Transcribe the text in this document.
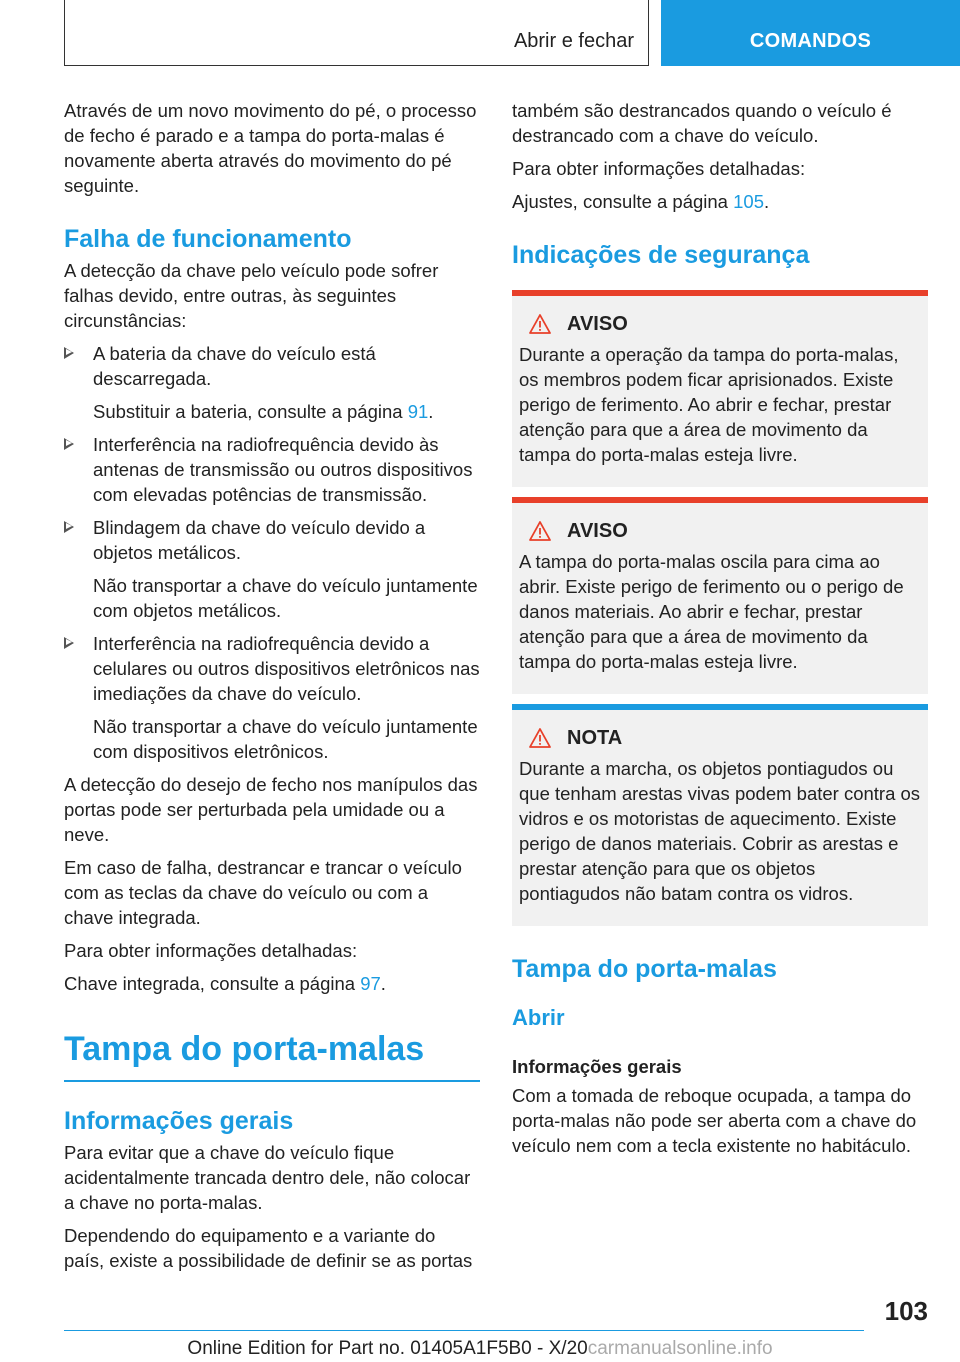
Abrir e fechar	COMANDOS

Através de um novo movimento do pé, o processo de fecho é parado e a tampa do porta-malas é novamente aberta através do movimento do pé seguinte.

Falha de funcionamento

A detecção da chave pelo veículo pode sofrer falhas devido, entre outras, às seguintes circunstâncias:

A bateria da chave do veículo está descarregada.

Substituir a bateria, consulte a página 91.

Interferência na radiofrequência devido às antenas de transmissão ou outros dispositivos com elevadas potências de transmissão.

Blindagem da chave do veículo devido a objetos metálicos.

Não transportar a chave do veículo juntamente com objetos metálicos.

Interferência na radiofrequência devido a celulares ou outros dispositivos eletrônicos nas imediações da chave do veículo.

Não transportar a chave do veículo juntamente com dispositivos eletrônicos.

A detecção do desejo de fecho nos manípulos das portas pode ser perturbada pela umidade ou a neve.

Em caso de falha, destrancar e trancar o veículo com as teclas da chave do veículo ou com a chave integrada.

Para obter informações detalhadas:

Chave integrada, consulte a página 97.

Tampa do porta-malas
Informações gerais

Para evitar que a chave do veículo fique acidentalmente trancada dentro dele, não colocar a chave no porta-malas.

Dependendo do equipamento e a variante do país, existe a possibilidade de definir se as portas

também são destrancados quando o veículo é destrancado com a chave do veículo.

Para obter informações detalhadas:

Ajustes, consulte a página 105.

Indicações de segurança
AVISO

Durante a operação da tampa do porta-malas, os membros podem ficar aprisionados. Existe perigo de ferimento. Ao abrir e fechar, prestar atenção para que a área de movimento da tampa do porta-malas esteja livre.

AVISO

A tampa do porta-malas oscila para cima ao abrir. Existe perigo de ferimento ou o perigo de danos materiais. Ao abrir e fechar, prestar atenção para que a área de movimento da tampa do porta-malas esteja livre.

NOTA

Durante a marcha, os objetos pontiagudos ou que tenham arestas vivas podem bater contra os vidros e os motoristas de aquecimento. Existe perigo de danos materiais. Cobrir as arestas e prestar atenção para que os objetos pontiagudos não batam contra os vidros.

Tampa do porta-malas
Abrir
Informações gerais

Com a tomada de reboque ocupada, a tampa do porta-malas não pode ser aberta com a chave do veículo nem com a tecla existente no habitáculo.

103
Online Edition for Part no. 01405A1F5B0 - X/20carmanualsonline.info
